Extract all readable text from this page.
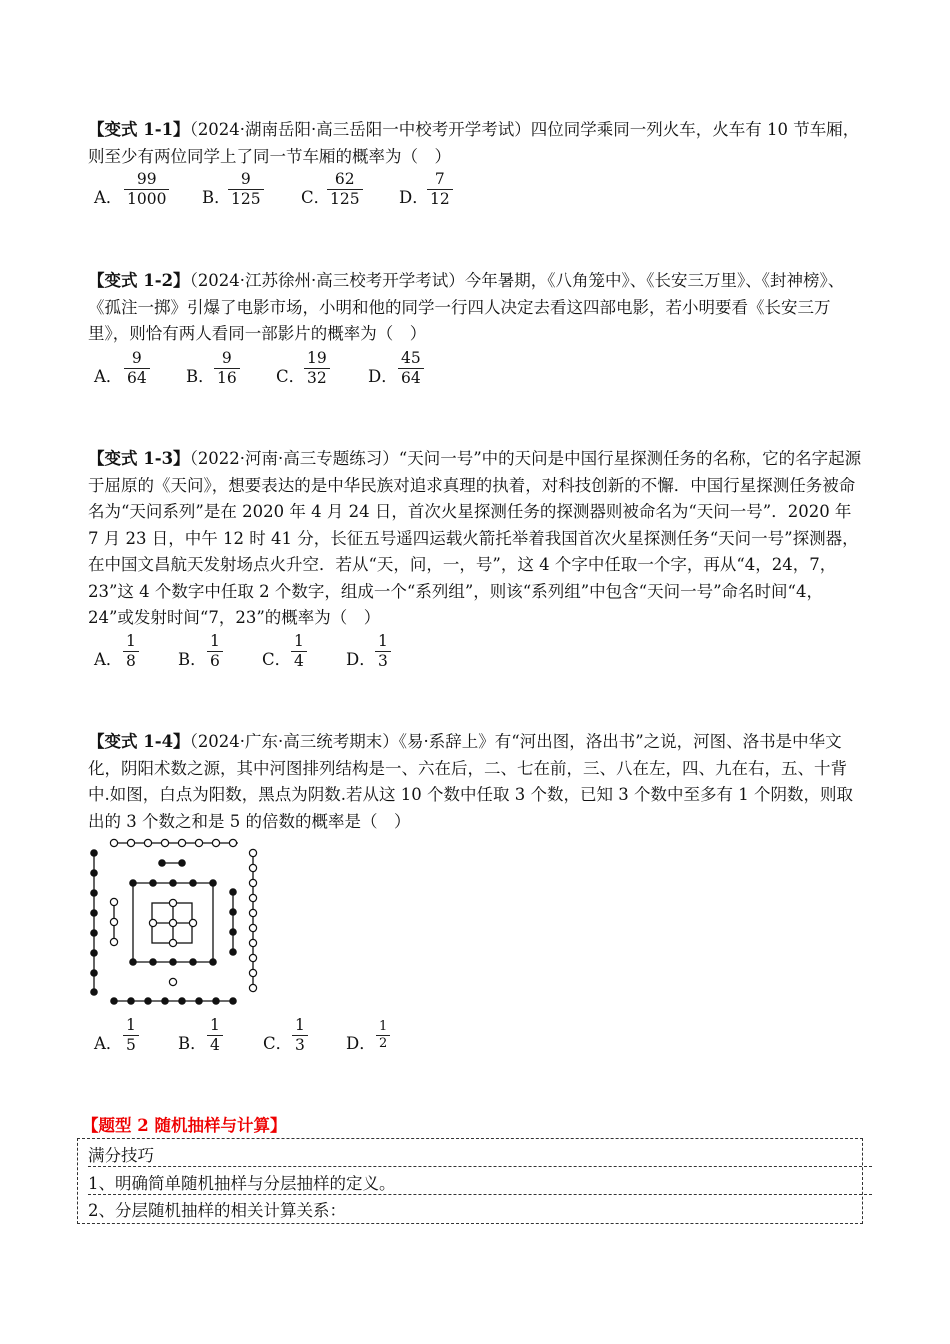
【变式 1-1】（2024·湖南岳阳·高三岳阳一中校考开学考试）四位同学乘同一列火车，火车有 10 节车厢，则至少有两位同学上了同一节车厢的概率为（　）

A． $\frac{99}{1000}$ B．
$\frac{9}{125}$ C．
$\frac{62}{125}$ D．
$\frac{7}{12}$

【变式 1-2】（2024·江苏徐州·高三校考开学考试）今年暑期，《八角笼中》、《长安三万里》、《封神榜》、《孤注一掷》引爆了电影市场，小明和他的同学一行四人决定去看这四部电影，若小明要看《长安三万里》，则恰有两人看同一部影片的概率为（　）

A． $\frac{9}{64}$ B． $\frac{9}{16}$ C．
$\frac{19}{32}$ D． $\frac{45}{64}$

【变式 1-3】（2022·河南·高三专题练习）“天问一号”中的天问是中国行星探测任务的名称，它的名字起源于屈原的《天问》，想要表达的是中华民族对追求真理的执着，对科技创新的不懈．中国行星探测任务被命名为“天问系列”是在 2020 年 4 月 24 日，首次火星探测任务的探测器则被命名为“天问一号”．2020 年 7 月 23 日，中午 12 时 41 分，长征五号遥四运载火箭托举着我国首次火星探测任务“天问一号”探测器，在中国文昌航天发射场点火升空．若从“天，问，一，号”，这 4 个字中任取一个字，再从“4，24，7，23”这 4 个数字中任取 2 个数字，组成一个“系列组”，则该“系列组”中包含“天问一号”命名时间“4，24”或发射时间“7，23”的概率为（　）

A． $\frac{1}{8}$ B． $\frac{1}{6}$ C． $\frac{1}{4}$ D． $\frac{1}{3}$

【变式 1-4】（2024·广东·高三统考期末）《易·系辞上》有“河出图，洛出书”之说，河图、洛书是中华文化，阴阳术数之源，其中河图排列结构是一、六在后，二、七在前，三、八在左，四、九在右，五、十背中.如图，白点为阳数，黑点为阴数.若从这 10 个数中任取 3 个数，已知 3 个数中至多有 1 个阴数，则取出的 3 个数之和是 5 的倍数的概率是（　）

A． $\frac{1}{5}$ B． $\frac{1}{4}$ C． $\frac{1}{3}$ D． $\frac{1}{2}$
【题型 2 随机抽样与计算】
满分技巧
1、明确简单随机抽样与分层抽样的定义。
2、分层随机抽样的相关计算关系：
